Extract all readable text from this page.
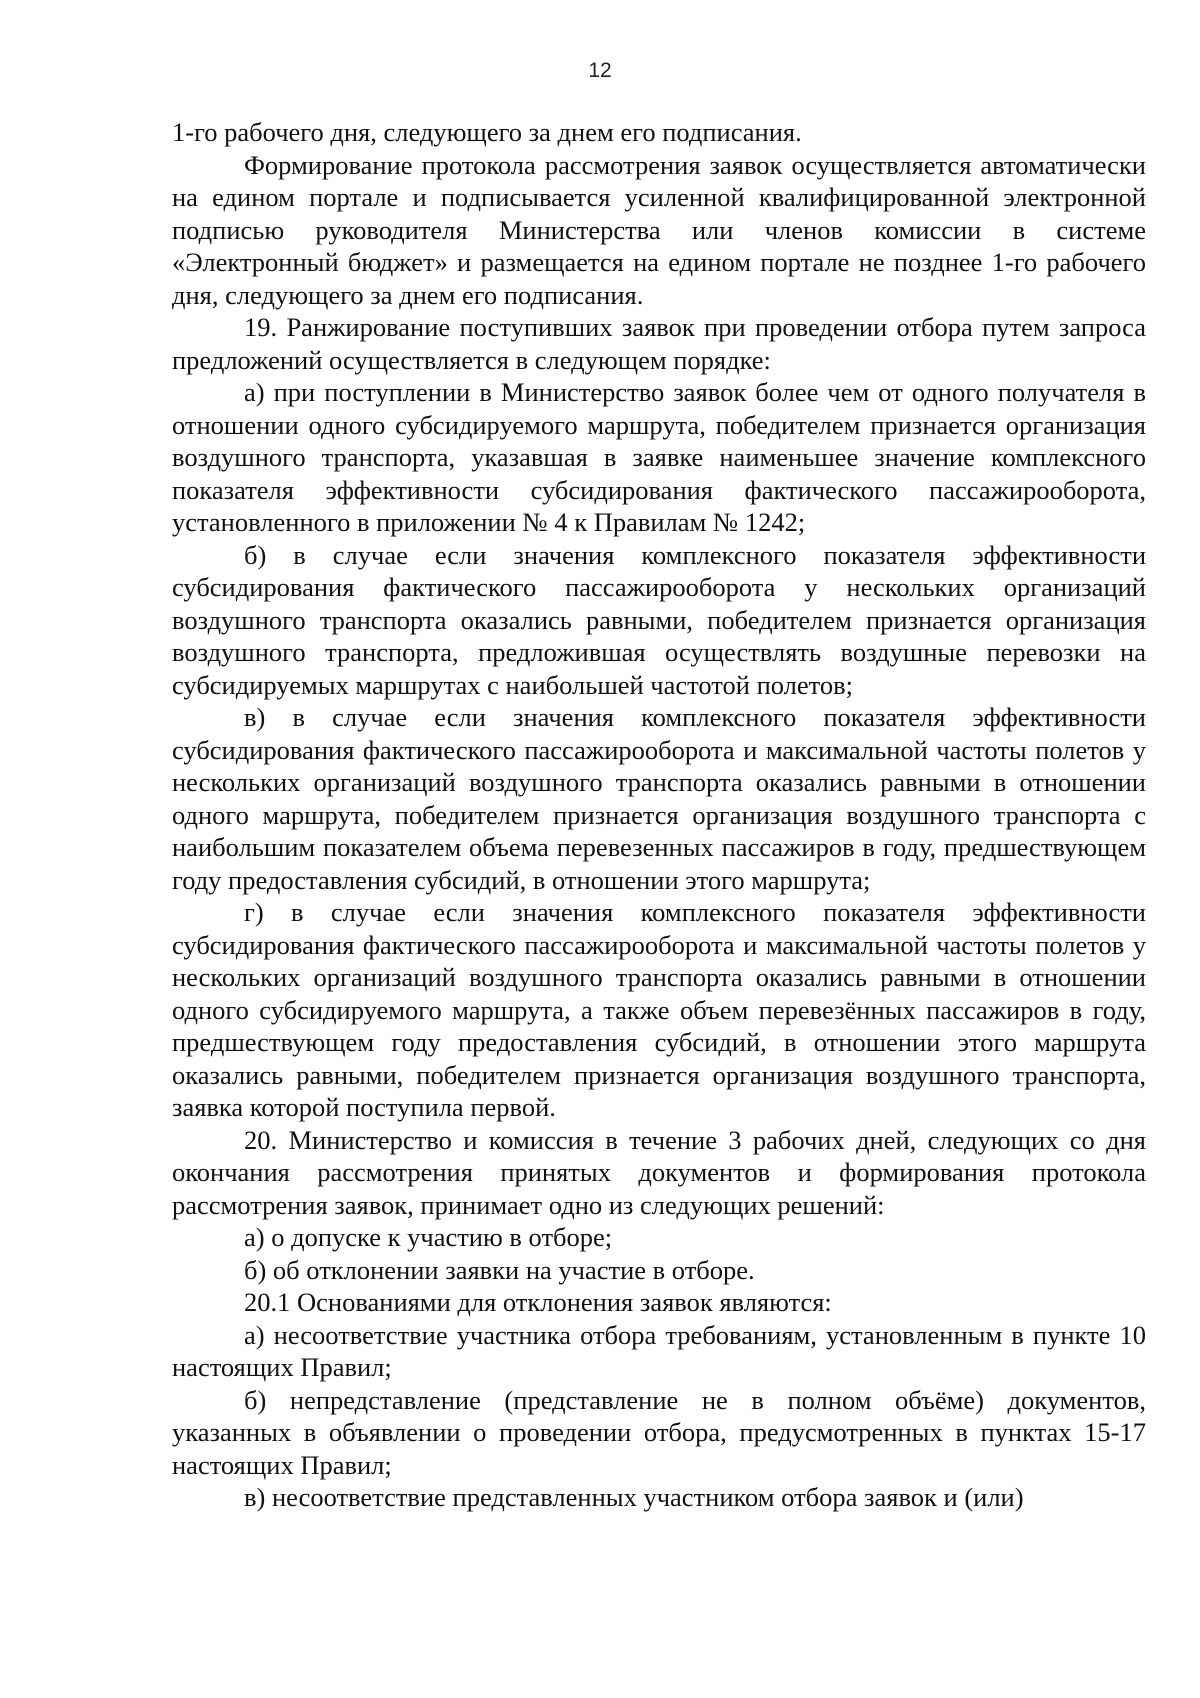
12

1-го рабочего дня, следующего за днем его подписания.

Формирование протокола рассмотрения заявок осуществляется автоматически на едином портале и подписывается усиленной квалифицированной электронной подписью руководителя Министерства или членов комиссии в системе «Электронный бюджет» и размещается на едином портале не позднее 1-го рабочего дня, следующего за днем его подписания.

19. Ранжирование поступивших заявок при проведении отбора путем запроса предложений осуществляется в следующем порядке:

а) при поступлении в Министерство заявок более чем от одного получателя в отношении одного субсидируемого маршрута, победителем признается организация воздушного транспорта, указавшая в заявке наименьшее значение комплексного показателя эффективности субсидирования фактического пассажирооборота, установленного в приложении № 4 к Правилам № 1242;

б) в случае если значения комплексного показателя эффективности субсидирования фактического пассажирооборота у нескольких организаций воздушного транспорта оказались равными, победителем признается организация воздушного транспорта, предложившая осуществлять воздушные перевозки на субсидируемых маршрутах с наибольшей частотой полетов;

в) в случае если значения комплексного показателя эффективности субсидирования фактического пассажирооборота и максимальной частоты полетов у нескольких организаций воздушного транспорта оказались равными в отношении одного маршрута, победителем признается организация воздушного транспорта с наибольшим показателем объема перевезенных пассажиров в году, предшествующем году предоставления субсидий, в отношении этого маршрута;

г) в случае если значения комплексного показателя эффективности субсидирования фактического пассажирооборота и максимальной частоты полетов у нескольких организаций воздушного транспорта оказались равными в отношении одного субсидируемого маршрута, а также объем перевезённых пассажиров в году, предшествующем году предоставления субсидий, в отношении этого маршрута оказались равными, победителем признается организация воздушного транспорта, заявка которой поступила первой.

20. Министерство и комиссия в течение 3 рабочих дней, следующих со дня окончания рассмотрения принятых документов и формирования протокола рассмотрения заявок, принимает одно из следующих решений:

а) о допуске к участию в отборе;

б) об отклонении заявки на участие в отборе.

20.1 Основаниями для отклонения заявок являются:

а) несоответствие участника отбора требованиям, установленным в пункте 10 настоящих Правил;

б) непредставление (представление не в полном объёме) документов, указанных в объявлении о проведении отбора, предусмотренных в пунктах 15-17 настоящих Правил;

в) несоответствие представленных участником отбора заявок и (или)
